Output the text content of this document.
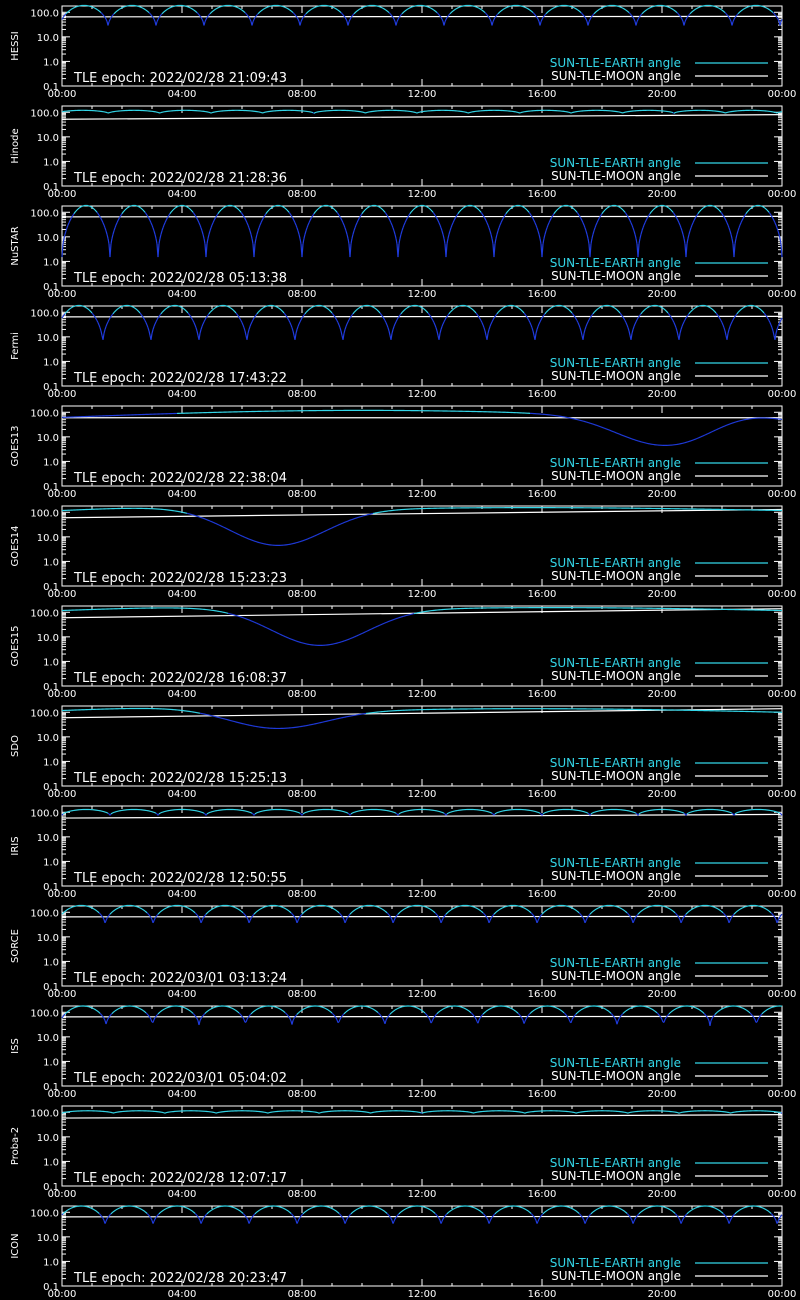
100.0
10.0
1.0
0.1
00:00	04:00	08:00	12:00	16:00	20:00	00:00
HESSI
SUN-TLE-EARTH angle
SUN-TLE-MOON angle
TLE epoch: 2022/02/28 21:09:43
100.0
10.0
1.0
0.1
00:00	04:00	08:00	12:00	16:00	20:00	00:00
Hinode	SUN-TLE-EARTH angle
SUN-TLE-MOON angle
TLE epoch: 2022/02/28 21:28:36
100.0
10.0
1.0
0.1
00:00	04:00	08:00	12:00	16:00	20:00	00:00
NuSTAR	SUN-TLE-EARTH angle
SUN-TLE-MOON angle
TLE epoch: 2022/02/28 05:13:38
100.0
10.0
1.0
0.1
00:00	04:00	08:00	12:00	16:00	20:00	00:00
Fermi
SUN-TLE-EARTH angle
SUN-TLE-MOON angle
TLE epoch: 2022/02/28 17:43:22
100.0
10.0
1.0
0.1
00:00	04:00	08:00	12:00	16:00	20:00	00:00
GOES13	SUN-TLE-EARTH angle
SUN-TLE-MOON angle
TLE epoch: 2022/02/28 22:38:04
100.0
10.0
1.0
0.1
00:00	04:00	08:00	12:00	16:00	20:00	00:00
GOES14	SUN-TLE-EARTH angle
SUN-TLE-MOON angle
TLE epoch: 2022/02/28 15:23:23
100.0
10.0
1.0
0.1
00:00	04:00	08:00	12:00	16:00	20:00	00:00
GOES15	SUN-TLE-EARTH angle
SUN-TLE-MOON angle
TLE epoch: 2022/02/28 16:08:37
100.0
10.0
1.0
0.1
00:00	04:00	08:00	12:00	16:00	20:00	00:00
SDO
SUN-TLE-EARTH angle
SUN-TLE-MOON angle
TLE epoch: 2022/02/28 15:25:13
100.0
10.0
1.0
0.1
00:00	04:00	08:00	12:00	16:00	20:00	00:00
IRIS
SUN-TLE-EARTH angle
SUN-TLE-MOON angle
TLE epoch: 2022/02/28 12:50:55
100.0
10.0
1.0
0.1
00:00	04:00	08:00	12:00	16:00	20:00	00:00
SORCE
SUN-TLE-EARTH angle
SUN-TLE-MOON angle
TLE epoch: 2022/03/01 03:13:24
100.0
10.0
1.0
0.1
00:00	04:00	08:00	12:00	16:00	20:00	00:00
ISS
SUN-TLE-EARTH angle
SUN-TLE-MOON angle
TLE epoch: 2022/03/01 05:04:02
100.0
10.0
1.0
0.1
00:00	04:00	08:00	12:00	16:00	20:00	00:00
Proba-2	SUN-TLE-EARTH angle
SUN-TLE-MOON angle
TLE epoch: 2022/02/28 12:07:17
100.0
10.0
1.0
0.1
00:00	04:00	08:00	12:00	16:00	20:00	00:00
ICON
SUN-TLE-EARTH angle
SUN-TLE-MOON angle
TLE epoch: 2022/02/28 20:23:47
